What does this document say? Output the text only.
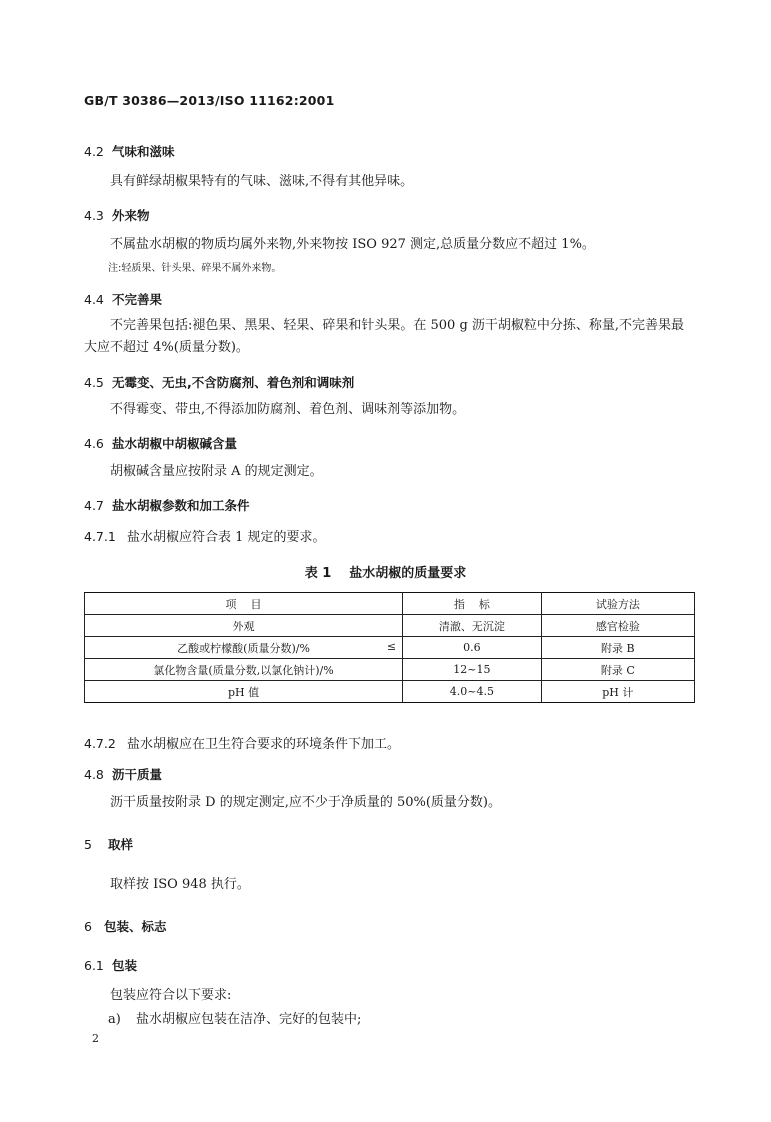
GB/T 30386—2013/ISO 11162:2001
4.2 气味和滋味
具有鲜绿胡椒果特有的气味、滋味,不得有其他异味。
4.3 外来物
不属盐水胡椒的物质均属外来物,外来物按 ISO 927 测定,总质量分数应不超过 1%。
注:轻质果、针头果、碎果不属外来物。
4.4 不完善果
不完善果包括:褪色果、黑果、轻果、碎果和针头果。在 500 g 沥干胡椒粒中分拣、称量,不完善果最大应不超过 4%(质量分数)。
4.5 无霉变、无虫,不含防腐剂、着色剂和调味剂
不得霉变、带虫,不得添加防腐剂、着色剂、调味剂等添加物。
4.6 盐水胡椒中胡椒碱含量
胡椒碱含量应按附录 A 的规定测定。
4.7 盐水胡椒参数和加工条件
4.7.1 盐水胡椒应符合表 1 规定的要求。
表 1 盐水胡椒的质量要求
项    目	指    标	试验方法
外观	清澈、无沉淀	感官检验

乙酸或柠檬酸(质量分数)/% ≤	0.6	附录 B
氯化物含量(质量分数,以氯化钠计)/%	12~15	附录 C
pH 值	4.0~4.5	pH 计
4.7.2 盐水胡椒应在卫生符合要求的环境条件下加工。
4.8 沥干质量
沥干质量按附录 D 的规定测定,应不少于净质量的 50%(质量分数)。
5 取样
取样按 ISO 948 执行。
6 包装、标志
6.1 包装
包装应符合以下要求:
a) 盐水胡椒应包装在洁净、完好的包装中;
2
